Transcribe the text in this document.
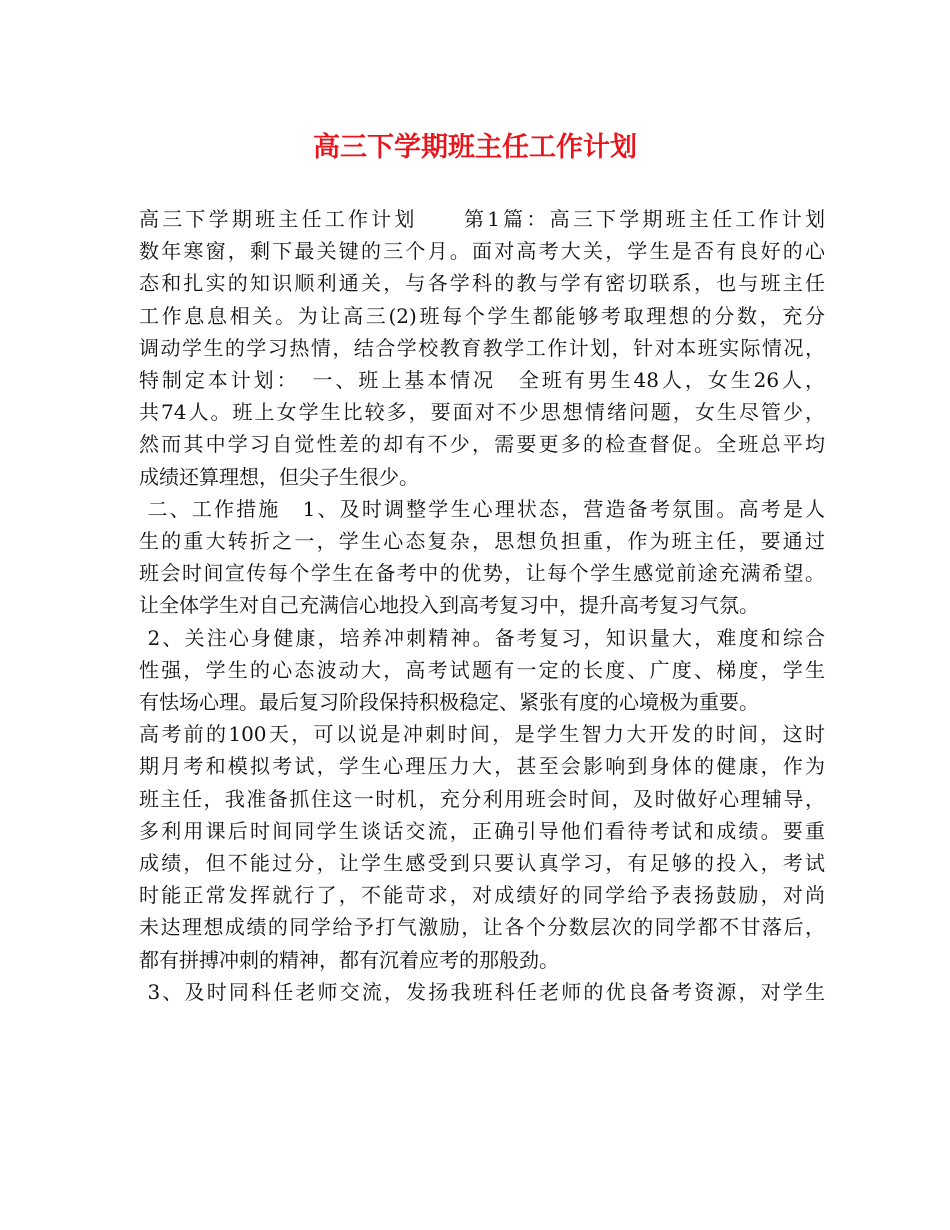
高三下学期班主任工作计划
高三下学期班主任工作计划　　第1篇：高三下学期班主任工作计划
数年寒窗，剩下最关键的三个月。面对高考大关，学生是否有良好的心
态和扎实的知识顺利通关，与各学科的教与学有密切联系，也与班主任
工作息息相关。为让高三(2)班每个学生都能够考取理想的分数，充分
调动学生的学习热情，结合学校教育教学工作计划，针对本班实际情况，
特制定本计划：　一、班上基本情况　全班有男生48人，女生26人，
共74人。班上女学生比较多，要面对不少思想情绪问题，女生尽管少，
然而其中学习自觉性差的却有不少，需要更多的检查督促。全班总平均
成绩还算理想，但尖子生很少。
二、工作措施　1、及时调整学生心理状态，营造备考氛围。高考是人
生的重大转折之一，学生心态复杂，思想负担重，作为班主任，要通过
班会时间宣传每个学生在备考中的优势，让每个学生感觉前途充满希望。
让全体学生对自己充满信心地投入到高考复习中，提升高考复习气氛。
2、关注心身健康，培养冲刺精神。备考复习，知识量大，难度和综合
性强，学生的心态波动大，高考试题有一定的长度、广度、梯度，学生
有怯场心理。最后复习阶段保持积极稳定、紧张有度的心境极为重要。
高考前的100天，可以说是冲刺时间，是学生智力大开发的时间，这时
期月考和模拟考试，学生心理压力大，甚至会影响到身体的健康，作为
班主任，我准备抓住这一时机，充分利用班会时间，及时做好心理辅导，
多利用课后时间同学生谈话交流，正确引导他们看待考试和成绩。要重
成绩，但不能过分，让学生感受到只要认真学习，有足够的投入，考试
时能正常发挥就行了，不能苛求，对成绩好的同学给予表扬鼓励，对尚
未达理想成绩的同学给予打气激励，让各个分数层次的同学都不甘落后，
都有拼搏冲刺的精神，都有沉着应考的那般劲。
3、及时同科任老师交流，发扬我班科任老师的优良备考资源，对学生
